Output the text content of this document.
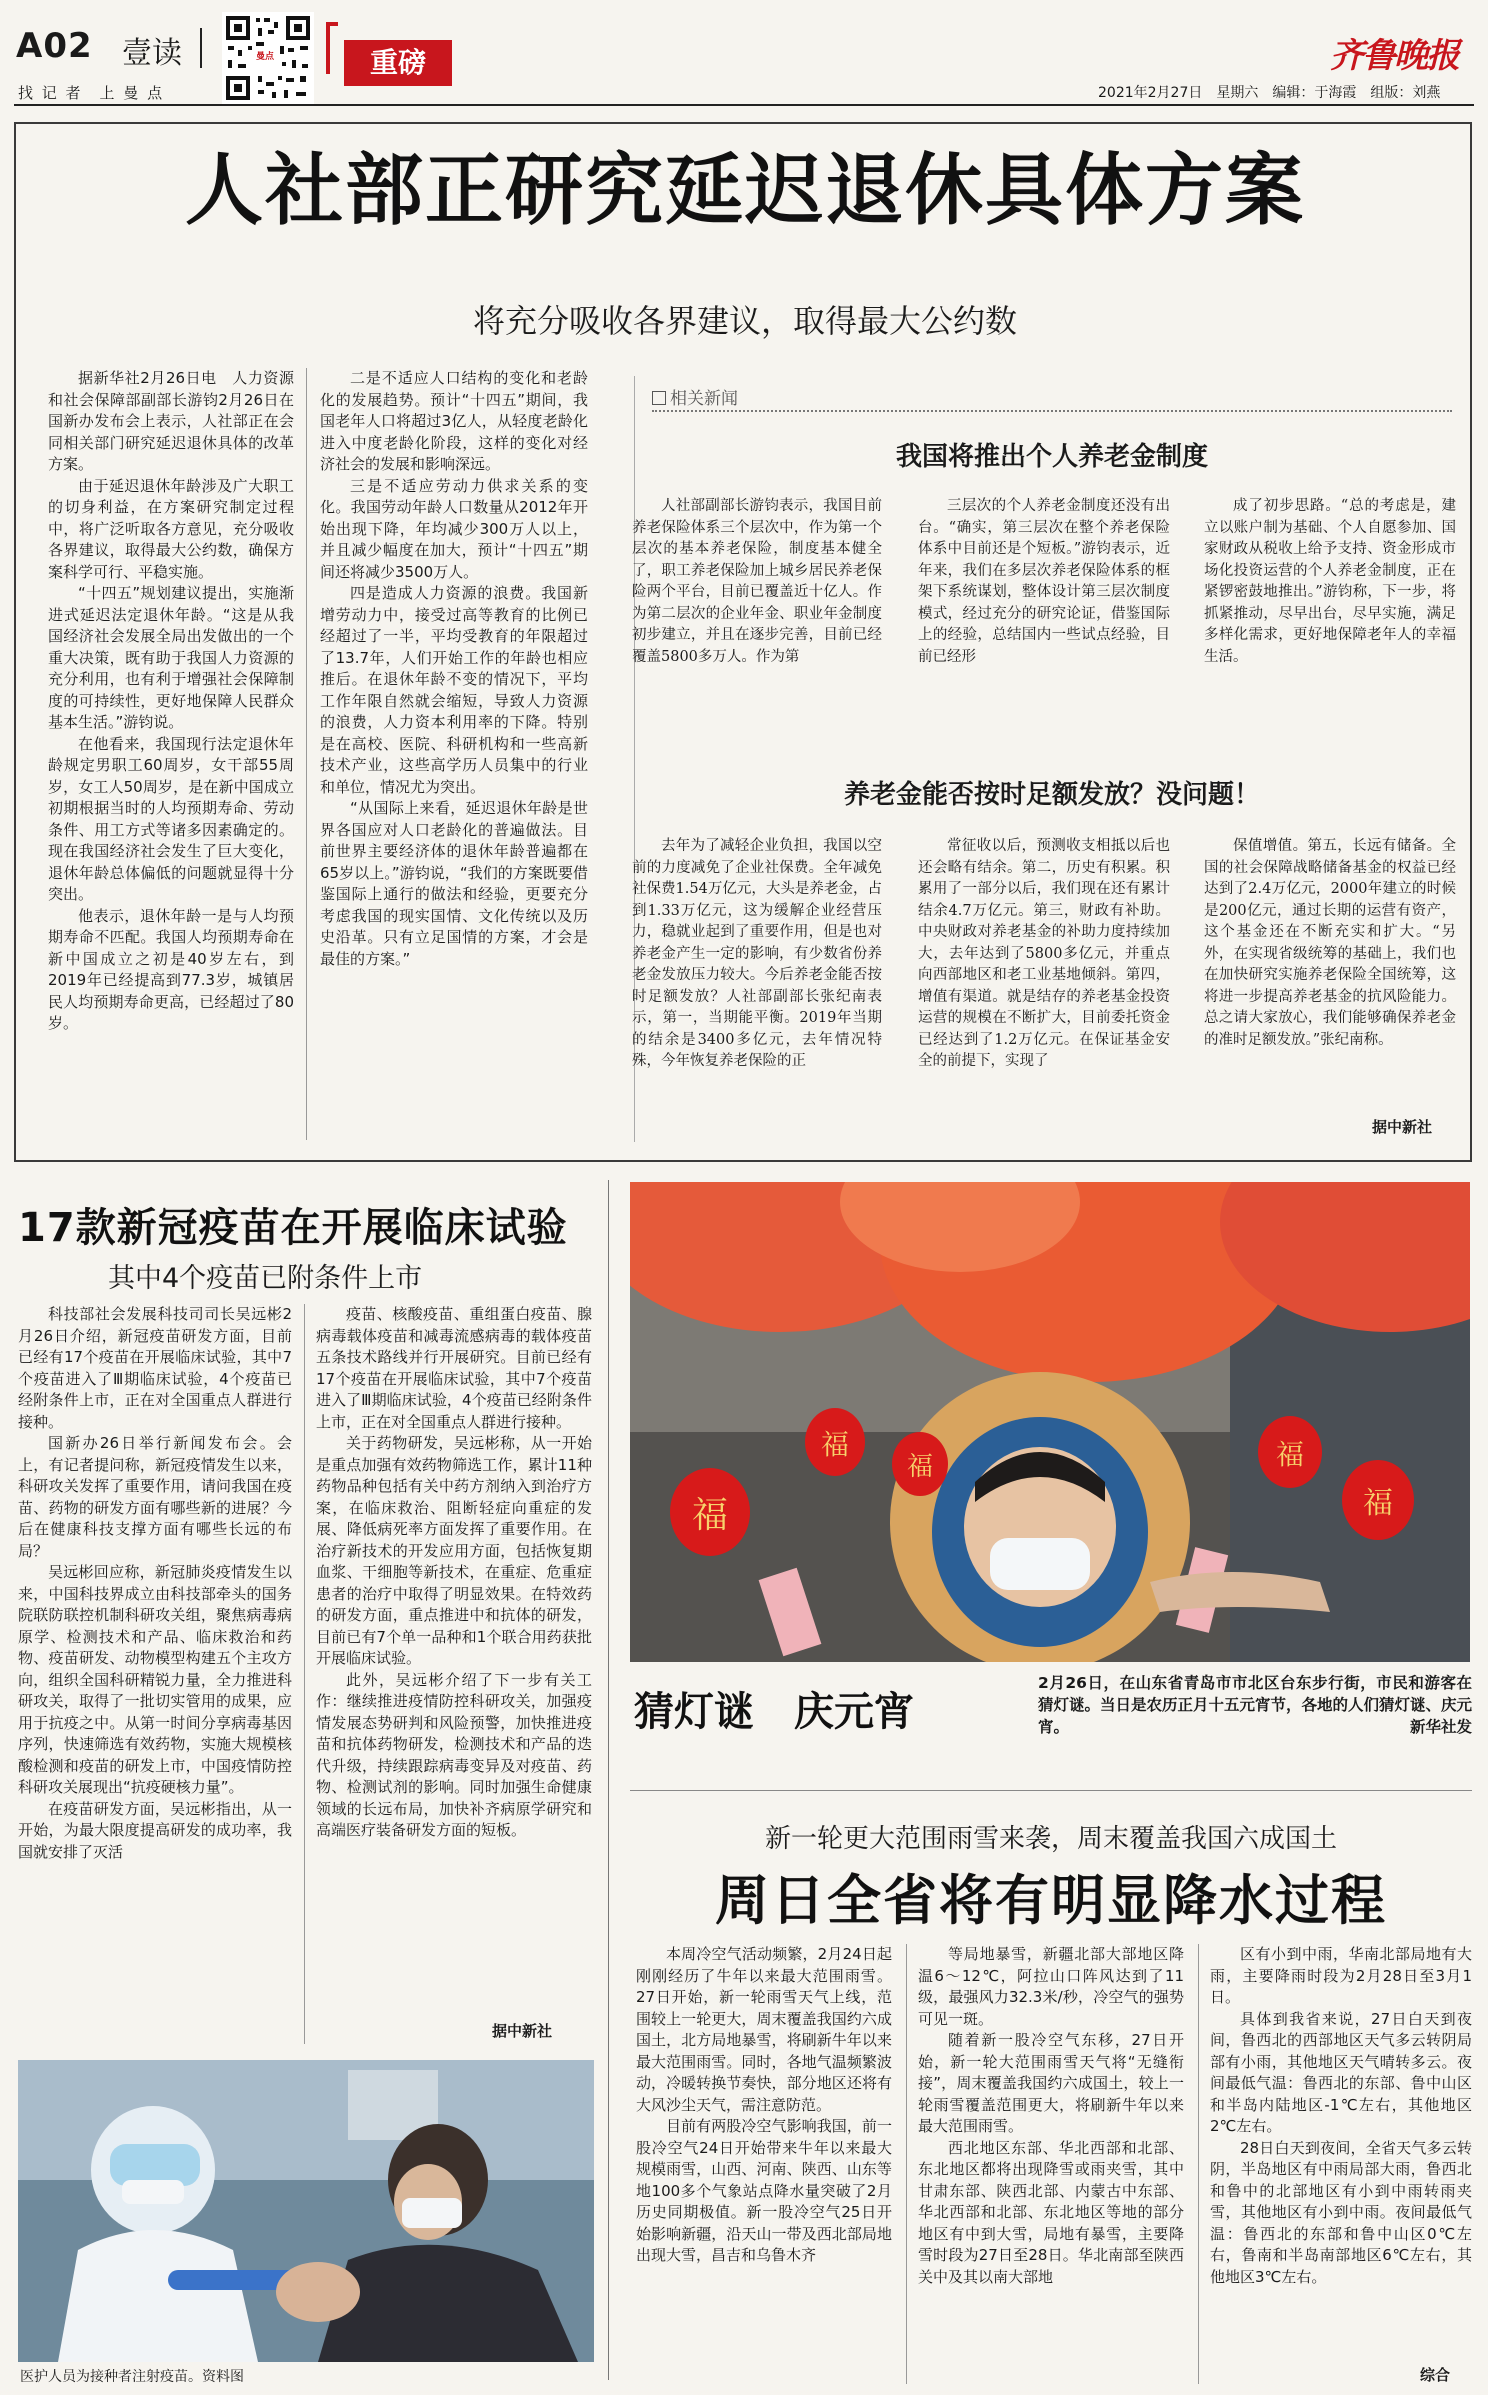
A02 壹读
找 记 者　上 曼 点
曼点	重磅	齐鲁晚报
2021年2月27日　星期六　编辑：于海霞　组版：刘燕
人社部正研究延迟退休具体方案
将充分吸收各界建议，取得最大公约数

据新华社2月26日电　人力资源和社会保障部副部长游钧2月26日在国新办发布会上表示，人社部正在会同相关部门研究延迟退休具体的改革方案。

由于延迟退休年龄涉及广大职工的切身利益，在方案研究制定过程中，将广泛听取各方意见，充分吸收各界建议，取得最大公约数，确保方案科学可行、平稳实施。

“十四五”规划建议提出，实施渐进式延迟法定退休年龄。“这是从我国经济社会发展全局出发做出的一个重大决策，既有助于我国人力资源的充分利用，也有利于增强社会保障制度的可持续性，更好地保障人民群众基本生活。”游钧说。

在他看来，我国现行法定退休年龄规定男职工60周岁，女干部55周岁，女工人50周岁，是在新中国成立初期根据当时的人均预期寿命、劳动条件、用工方式等诸多因素确定的。现在我国经济社会发生了巨大变化，退休年龄总体偏低的问题就显得十分突出。

他表示，退休年龄一是与人均预期寿命不匹配。我国人均预期寿命在新中国成立之初是40岁左右，到2019年已经提高到77.3岁，城镇居民人均预期寿命更高，已经超过了80岁。

二是不适应人口结构的变化和老龄化的发展趋势。预计“十四五”期间，我国老年人口将超过3亿人，从轻度老龄化进入中度老龄化阶段，这样的变化对经济社会的发展和影响深远。

三是不适应劳动力供求关系的变化。我国劳动年龄人口数量从2012年开始出现下降，年均减少300万人以上，并且减少幅度在加大，预计“十四五”期间还将减少3500万人。

四是造成人力资源的浪费。我国新增劳动力中，接受过高等教育的比例已经超过了一半，平均受教育的年限超过了13.7年，人们开始工作的年龄也相应推后。在退休年龄不变的情况下，平均工作年限自然就会缩短，导致人力资源的浪费，人力资本利用率的下降。特别是在高校、医院、科研机构和一些高新技术产业，这些高学历人员集中的行业和单位，情况尤为突出。

“从国际上来看，延迟退休年龄是世界各国应对人口老龄化的普遍做法。目前世界主要经济体的退休年龄普遍都在65岁以上。”游钧说，“我们的方案既要借鉴国际上通行的做法和经验，更要充分考虑我国的现实国情、文化传统以及历史沿革。只有立足国情的方案，才会是最佳的方案。”

相关新闻
我国将推出个人养老金制度

人社部副部长游钧表示，我国目前养老保险体系三个层次中，作为第一个层次的基本养老保险，制度基本健全了，职工养老保险加上城乡居民养老保险两个平台，目前已覆盖近十亿人。作为第二层次的企业年金、职业年金制度初步建立，并且在逐步完善，目前已经覆盖5800多万人。作为第

三层次的个人养老金制度还没有出台。“确实，第三层次在整个养老保险体系中目前还是个短板。”游钧表示，近年来，我们在多层次养老保险体系的框架下系统谋划，整体设计第三层次制度模式，经过充分的研究论证，借鉴国际上的经验，总结国内一些试点经验，目前已经形

成了初步思路。“总的考虑是，建立以账户制为基础、个人自愿参加、国家财政从税收上给予支持、资金形成市场化投资运营的个人养老金制度，正在紧锣密鼓地推出。”游钧称，下一步，将抓紧推动，尽早出台，尽早实施，满足多样化需求，更好地保障老年人的幸福生活。

养老金能否按时足额发放？没问题！

去年为了减轻企业负担，我国以空前的力度减免了企业社保费。全年减免社保费1.54万亿元，大头是养老金，占到1.33万亿元，这为缓解企业经营压力，稳就业起到了重要作用，但是也对养老金产生一定的影响，有少数省份养老金发放压力较大。今后养老金能否按时足额发放？人社部副部长张纪南表示，第一，当期能平衡。2019年当期的结余是3400多亿元，去年情况特殊，今年恢复养老保险的正

常征收以后，预测收支相抵以后也还会略有结余。第二，历史有积累。积累用了一部分以后，我们现在还有累计结余4.7万亿元。第三，财政有补助。中央财政对养老基金的补助力度持续加大，去年达到了5800多亿元，并重点向西部地区和老工业基地倾斜。第四，增值有渠道。就是结存的养老基金投资运营的规模在不断扩大，目前委托资金已经达到了1.2万亿元。在保证基金安全的前提下，实现了

保值增值。第五，长远有储备。全国的社会保障战略储备基金的权益已经达到了2.4万亿元，2000年建立的时候是200亿元，通过长期的运营有资产，这个基金还在不断充实和扩大。“另外，在实现省级统筹的基础上，我们也在加快研究实施养老保险全国统筹，这将进一步提高养老基金的抗风险能力。总之请大家放心，我们能够确保养老金的准时足额发放。”张纪南称。

据中新社
17款新冠疫苗在开展临床试验
其中4个疫苗已附条件上市

科技部社会发展科技司司长吴远彬2月26日介绍，新冠疫苗研发方面，目前已经有17个疫苗在开展临床试验，其中7个疫苗进入了Ⅲ期临床试验，4个疫苗已经附条件上市，正在对全国重点人群进行接种。

国新办26日举行新闻发布会。会上，有记者提问称，新冠疫情发生以来，科研攻关发挥了重要作用，请问我国在疫苗、药物的研发方面有哪些新的进展？今后在健康科技支撑方面有哪些长远的布局？

吴远彬回应称，新冠肺炎疫情发生以来，中国科技界成立由科技部牵头的国务院联防联控机制科研攻关组，聚焦病毒病原学、检测技术和产品、临床救治和药物、疫苗研发、动物模型构建五个主攻方向，组织全国科研精锐力量，全力推进科研攻关，取得了一批切实管用的成果，应用于抗疫之中。从第一时间分享病毒基因序列，快速筛选有效药物，实施大规模核酸检测和疫苗的研发上市，中国疫情防控科研攻关展现出“抗疫硬核力量”。

在疫苗研发方面，吴远彬指出，从一开始，为最大限度提高研发的成功率，我国就安排了灭活

疫苗、核酸疫苗、重组蛋白疫苗、腺病毒载体疫苗和减毒流感病毒的载体疫苗五条技术路线并行开展研究。目前已经有17个疫苗在开展临床试验，其中7个疫苗进入了Ⅲ期临床试验，4个疫苗已经附条件上市，正在对全国重点人群进行接种。

关于药物研发，吴远彬称，从一开始是重点加强有效药物筛选工作，累计11种药物品种包括有关中药方剂纳入到治疗方案，在临床救治、阻断轻症向重症的发展、降低病死率方面发挥了重要作用。在治疗新技术的开发应用方面，包括恢复期血浆、干细胞等新技术，在重症、危重症患者的治疗中取得了明显效果。在特效药的研发方面，重点推进中和抗体的研发，目前已有7个单一品种和1个联合用药获批开展临床试验。

此外，吴远彬介绍了下一步有关工作：继续推进疫情防控科研攻关，加强疫情发展态势研判和风险预警，加快推进疫苗和抗体药物研发，检测技术和产品的迭代升级，持续跟踪病毒变异及对疫苗、药物、检测试剂的影响。同时加强生命健康领域的长远布局，加快补齐病原学研究和高端医疗装备研发方面的短板。

据中新社
医护人员为接种者注射疫苗。资料图
福
福
福	福
福
猜灯谜　庆元宵
2月26日，在山东省青岛市市北区台东步行街，市民和游客在猜灯谜。当日是农历正月十五元宵节，各地的人们猜灯谜、庆元宵。	新华社发
新一轮更大范围雨雪来袭，周末覆盖我国六成国土
周日全省将有明显降水过程

本周冷空气活动频繁，2月24日起刚刚经历了牛年以来最大范围雨雪。27日开始，新一轮雨雪天气上线，范围较上一轮更大，周末覆盖我国约六成国土，北方局地暴雪，将刷新牛年以来最大范围雨雪。同时，各地气温频繁波动，冷暖转换节奏快，部分地区还将有大风沙尘天气，需注意防范。

目前有两股冷空气影响我国，前一股冷空气24日开始带来牛年以来最大规模雨雪，山西、河南、陕西、山东等地100多个气象站点降水量突破了2月历史同期极值。新一股冷空气25日开始影响新疆，沿天山一带及西北部局地出现大雪，昌吉和乌鲁木齐

等局地暴雪，新疆北部大部地区降温6～12℃，阿拉山口阵风达到了11级，最强风力32.3米/秒，冷空气的强势可见一斑。

随着新一股冷空气东移，27日开始，新一轮大范围雨雪天气将“无缝衔接”，周末覆盖我国约六成国土，较上一轮雨雪覆盖范围更大，将刷新牛年以来最大范围雨雪。

西北地区东部、华北西部和北部、东北地区都将出现降雪或雨夹雪，其中甘肃东部、陕西北部、内蒙古中东部、华北西部和北部、东北地区等地的部分地区有中到大雪，局地有暴雪，主要降雪时段为27日至28日。华北南部至陕西关中及其以南大部地

区有小到中雨，华南北部局地有大雨，主要降雨时段为2月28日至3月1日。

具体到我省来说，27日白天到夜间，鲁西北的西部地区天气多云转阴局部有小雨，其他地区天气晴转多云。夜间最低气温：鲁西北的东部、鲁中山区和半岛内陆地区-1℃左右，其他地区2℃左右。

28日白天到夜间，全省天气多云转阴，半岛地区有中雨局部大雨，鲁西北和鲁中的北部地区有小到中雨转雨夹雪，其他地区有小到中雨。夜间最低气温：鲁西北的东部和鲁中山区0℃左右，鲁南和半岛南部地区6℃左右，其他地区3℃左右。

综合
